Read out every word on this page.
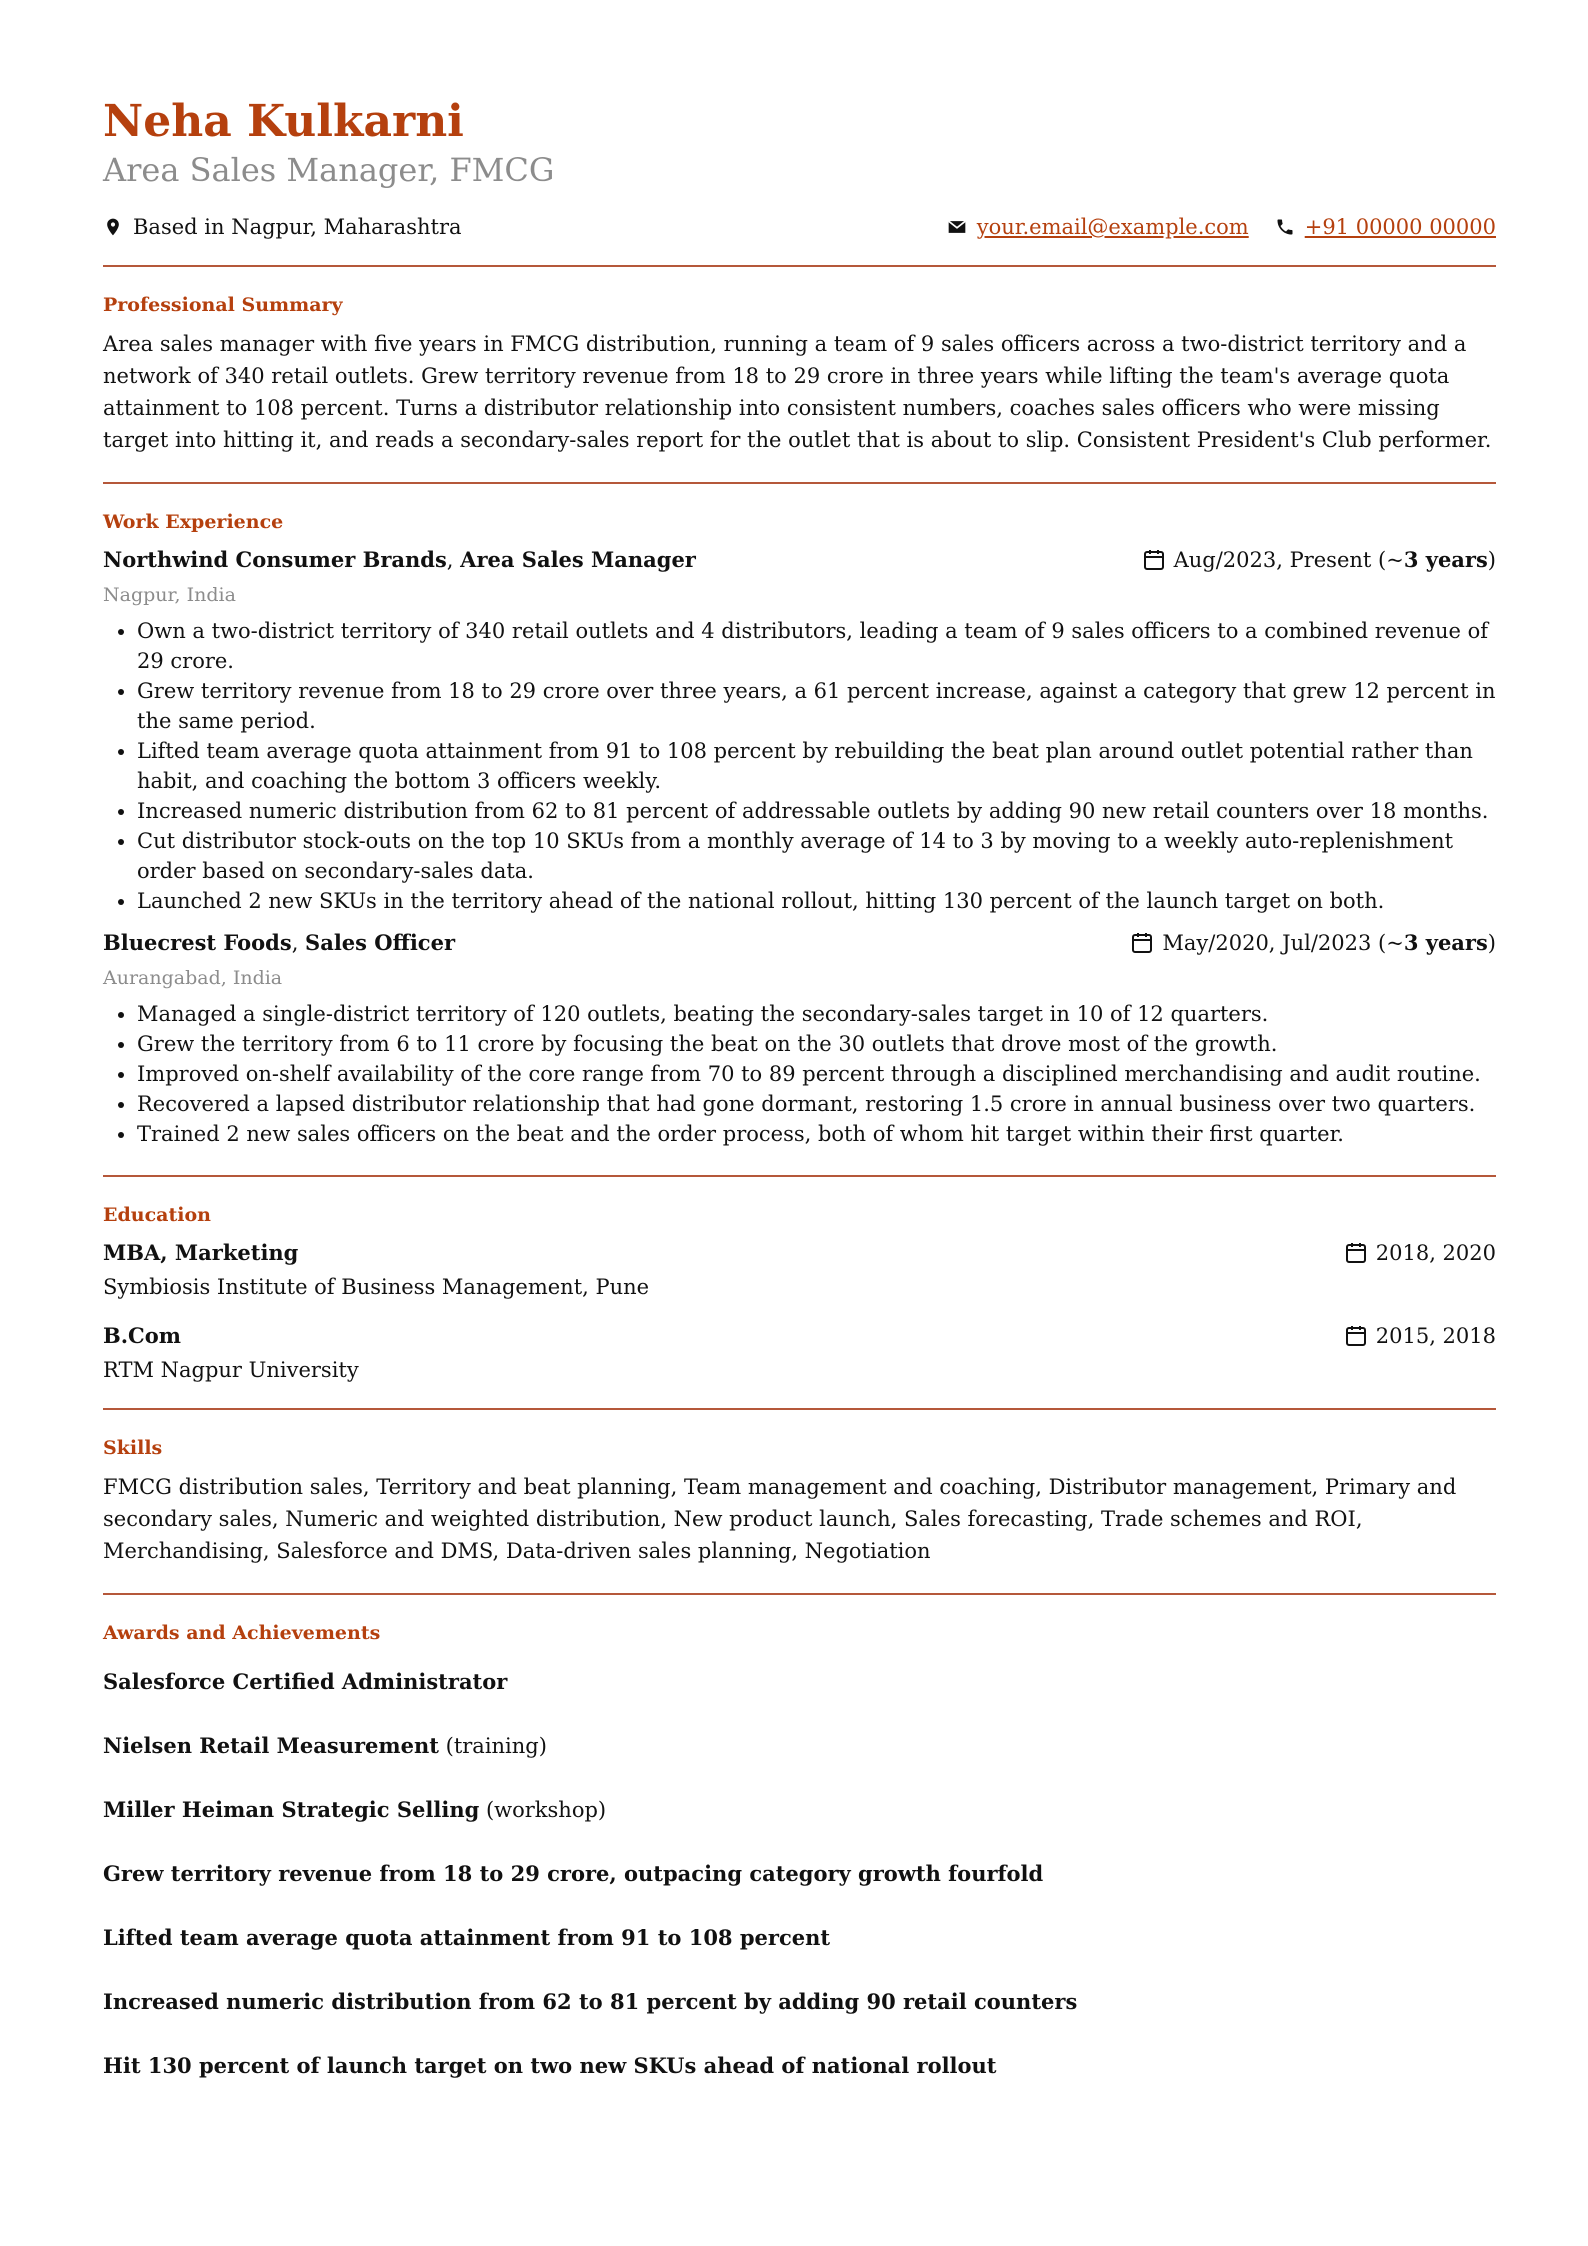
Neha Kulkarni
Area Sales Manager, FMCG
Based in Nagpur, Maharashtra	your.email@example.com	+91 00000 00000
Professional Summary

Area sales manager with five years in FMCG distribution, running a team of 9 sales officers across a two-district territory and a network of 340 retail outlets. Grew territory revenue from 18 to 29 crore in three years while lifting the team's average quota attainment to 108 percent. Turns a distributor relationship into consistent numbers, coaches sales officers who were missing target into hitting it, and reads a secondary-sales report for the outlet that is about to slip. Consistent President's Club performer.

Work Experience
Northwind Consumer Brands, Area Sales Manager	Aug/2023, Present (~ 3 years )
Nagpur, India
• Own a two-district territory of 340 retail outlets and 4 distributors, leading a team of 9 sales officers to a combined revenue of 29 crore.
• Grew territory revenue from 18 to 29 crore over three years, a 61 percent increase, against a category that grew 12 percent in the same period.
• Lifted team average quota attainment from 91 to 108 percent by rebuilding the beat plan around outlet potential rather than habit, and coaching the bottom 3 officers weekly.
• Increased numeric distribution from 62 to 81 percent of addressable outlets by adding 90 new retail counters over 18 months.
• Cut distributor stock-outs on the top 10 SKUs from a monthly average of 14 to 3 by moving to a weekly auto-replenishment order based on secondary-sales data.
• Launched 2 new SKUs in the territory ahead of the national rollout, hitting 130 percent of the launch target on both.
Bluecrest Foods, Sales Officer	May/2020, Jul/2023 (~ 3 years )
Aurangabad, India
• Managed a single-district territory of 120 outlets, beating the secondary-sales target in 10 of 12 quarters.
• Grew the territory from 6 to 11 crore by focusing the beat on the 30 outlets that drove most of the growth.
• Improved on-shelf availability of the core range from 70 to 89 percent through a disciplined merchandising and audit routine.
• Recovered a lapsed distributor relationship that had gone dormant, restoring 1.5 crore in annual business over two quarters.
• Trained 2 new sales officers on the beat and the order process, both of whom hit target within their first quarter.
Education
MBA, Marketing	2018, 2020
Symbiosis Institute of Business Management, Pune
B.Com	2015, 2018
RTM Nagpur University
Skills

FMCG distribution sales, Territory and beat planning, Team management and coaching, Distributor management, Primary and secondary sales, Numeric and weighted distribution, New product launch, Sales forecasting, Trade schemes and ROI, Merchandising, Salesforce and DMS, Data-driven sales planning, Negotiation

Awards and Achievements
Salesforce Certified Administrator
Nielsen Retail Measurement (training)
Miller Heiman Strategic Selling (workshop)
Grew territory revenue from 18 to 29 crore, outpacing category growth fourfold
Lifted team average quota attainment from 91 to 108 percent
Increased numeric distribution from 62 to 81 percent by adding 90 retail counters
Hit 130 percent of launch target on two new SKUs ahead of national rollout
